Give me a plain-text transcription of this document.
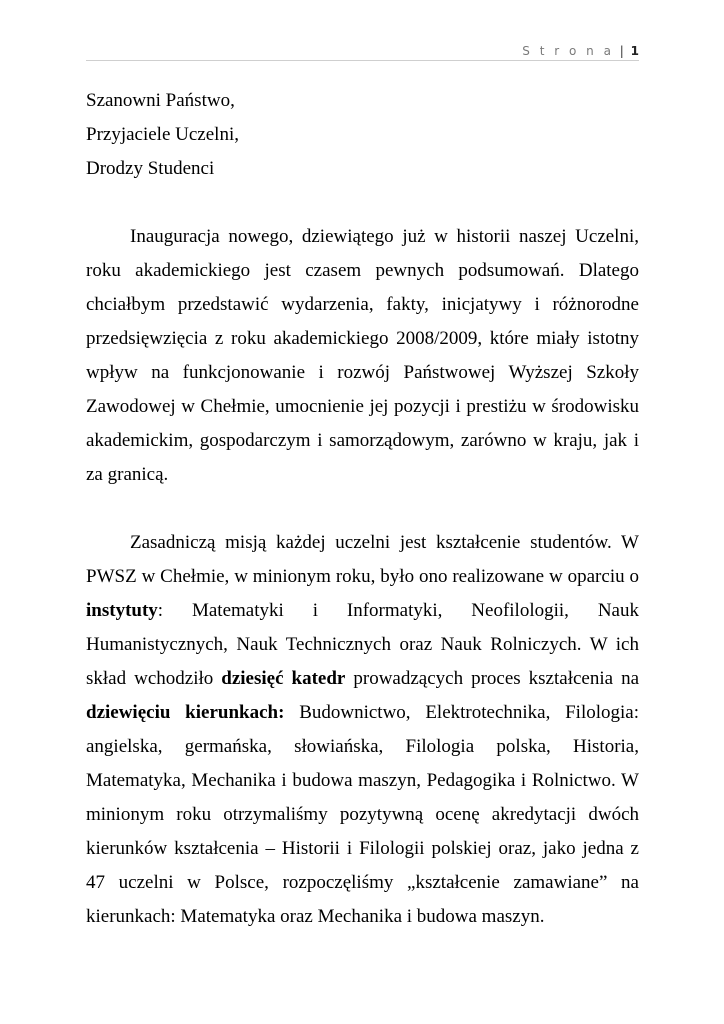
S t r o n a | 1

Szanowni Państwo,

Przyjaciele Uczelni,

Drodzy Studenci

Inauguracja nowego, dziewiątego już w historii naszej Uczelni, roku akademickiego jest czasem pewnych podsumowań. Dlatego chciałbym przedstawić wydarzenia, fakty, inicjatywy i różnorodne przedsięwzięcia z roku akademickiego 2008/2009, które miały istotny wpływ na funkcjonowanie i rozwój Państwowej Wyższej Szkoły Zawodowej w Chełmie, umocnienie jej pozycji i prestiżu w środowisku akademickim, gospodarczym i samorządowym, zarówno w kraju, jak i za granicą.

Zasadniczą misją każdej uczelni jest kształcenie studentów. W PWSZ w Chełmie, w minionym roku, było ono realizowane w oparciu o instytuty: Matematyki i Informatyki, Neofilologii, Nauk Humanistycznych, Nauk Technicznych oraz Nauk Rolniczych. W ich skład wchodziło dziesięć katedr prowadzących proces kształcenia na dziewięciu kierunkach: Budownictwo, Elektrotechnika, Filologia: angielska, germańska, słowiańska, Filologia polska, Historia, Matematyka, Mechanika i budowa maszyn, Pedagogika i Rolnictwo. W minionym roku otrzymaliśmy pozytywną ocenę akredytacji dwóch kierunków kształcenia – Historii i Filologii polskiej oraz, jako jedna z 47 uczelni w Polsce, rozpoczęliśmy „kształcenie zamawiane” na kierunkach: Matematyka oraz Mechanika i budowa maszyn.
